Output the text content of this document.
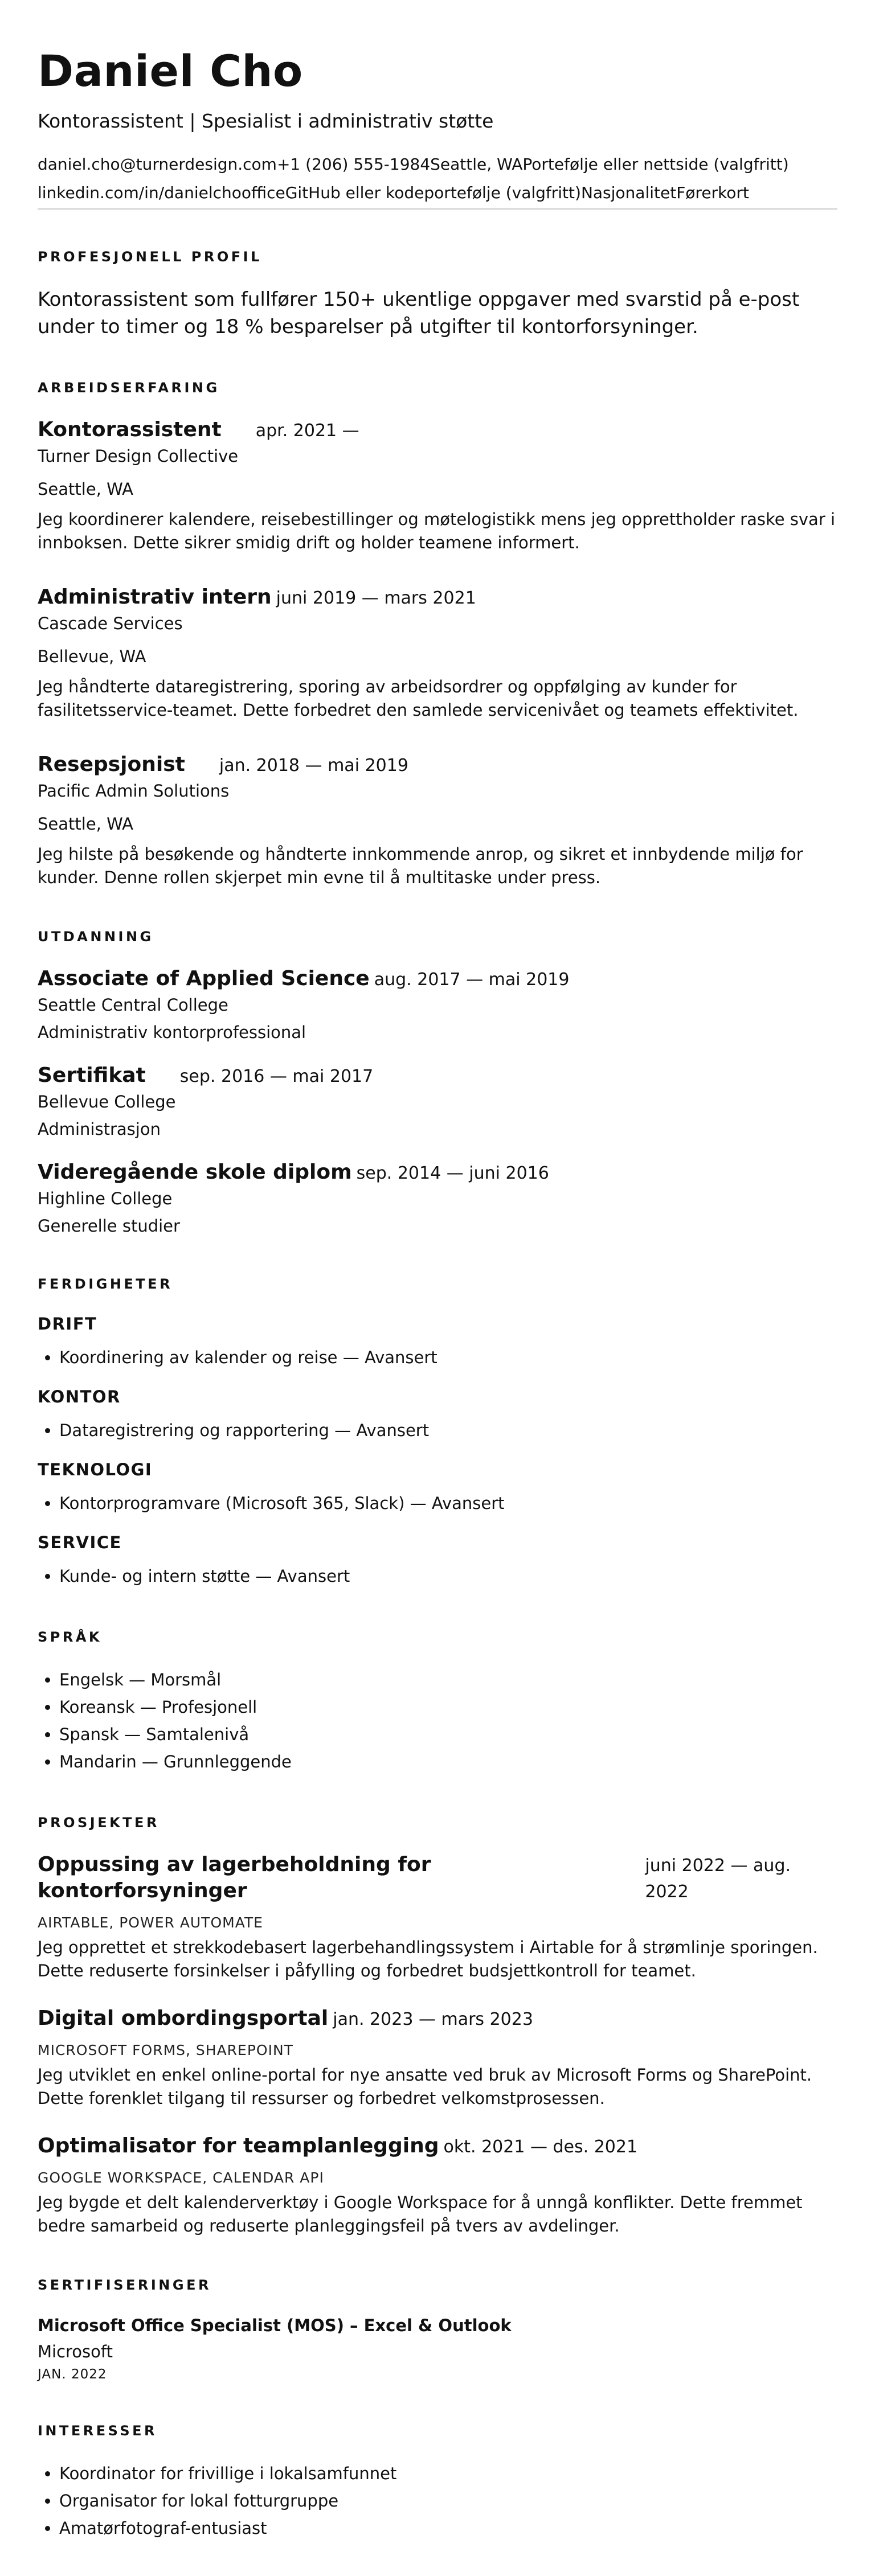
Daniel Cho
Kontorassistent | Spesialist i administrativ støtte
daniel.cho@turnerdesign.com +1 (206) 555-1984 Seattle, WA Portefølje eller nettside (valgfritt)
linkedin.com/in/danielchooffice GitHub eller kodeportefølje (valgfritt) Nasjonalitet Førerkort
PROFESJONELL PROFIL

Kontorassistent som fullfører 150+ ukentlige oppgaver med svarstid på e-post under to timer og 18 % besparelser på utgifter til kontorforsyninger.

ARBEIDSERFARING
Kontorassistent apr. 2021 —
Turner Design Collective
Seattle, WA
Jeg koordinerer kalendere, reisebestillinger og møtelogistikk mens jeg opprettholder raske svar i innboksen. Dette sikrer smidig drift og holder teamene informert.
Administrativ intern juni 2019 — mars 2021
Cascade Services
Bellevue, WA
Jeg håndterte dataregistrering, sporing av arbeidsordrer og oppfølging av kunder for fasilitetsservice-teamet. Dette forbedret den samlede servicenivået og teamets effektivitet.
Resepsjonist jan. 2018 — mai 2019
Pacific Admin Solutions
Seattle, WA
Jeg hilste på besøkende og håndterte innkommende anrop, og sikret et innbydende miljø for kunder. Denne rollen skjerpet min evne til å multitaske under press.
UTDANNING
Associate of Applied Science aug. 2017 — mai 2019
Seattle Central College
Administrativ kontorprofessional
Sertifikat sep. 2016 — mai 2017
Bellevue College
Administrasjon
Videregående skole diplom sep. 2014 — juni 2016
Highline College
Generelle studier
FERDIGHETER
DRIFT
• Koordinering av kalender og reise — Avansert
KONTOR
• Dataregistrering og rapportering — Avansert
TEKNOLOGI
• Kontorprogramvare (Microsoft 365, Slack) — Avansert
SERVICE
• Kunde- og intern støtte — Avansert
SPRÅK
• Engelsk — Morsmål
• Koreansk — Profesjonell
• Spansk — Samtalenivå
• Mandarin — Grunnleggende
PROSJEKTER
Oppussing av lagerbeholdning for kontorforsyninger
juni 2022 — aug. 2022
AIRTABLE, POWER AUTOMATE
Jeg opprettet et strekkodebasert lagerbehandlingssystem i Airtable for å strømlinje sporingen. Dette reduserte forsinkelser i påfylling og forbedret budsjettkontroll for teamet.
Digital ombordingsportal jan. 2023 — mars 2023
MICROSOFT FORMS, SHAREPOINT
Jeg utviklet en enkel online-portal for nye ansatte ved bruk av Microsoft Forms og SharePoint. Dette forenklet tilgang til ressurser og forbedret velkomstprosessen.
Optimalisator for teamplanlegging okt. 2021 — des. 2021
GOOGLE WORKSPACE, CALENDAR API
Jeg bygde et delt kalenderverktøy i Google Workspace for å unngå konflikter. Dette fremmet bedre samarbeid og reduserte planleggingsfeil på tvers av avdelinger.
SERTIFISERINGER
Microsoft Office Specialist (MOS) – Excel & Outlook
Microsoft
JAN. 2022
INTERESSER
• Koordinator for frivillige i lokalsamfunnet
• Organisator for lokal fotturgruppe
• Amatørfotograf-entusiast
